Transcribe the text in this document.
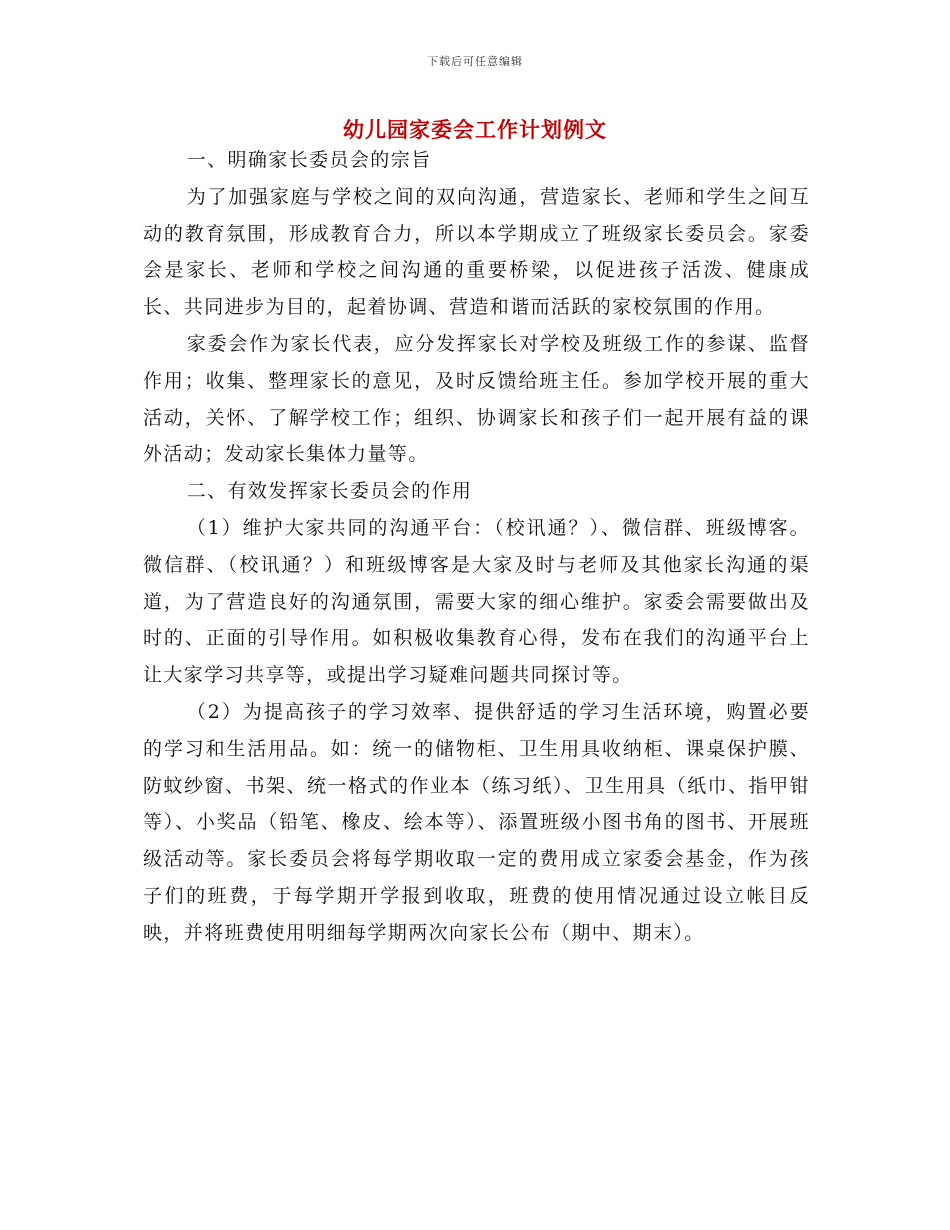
下载后可任意编辑
幼儿园家委会工作计划例文

一、明确家长委员会的宗旨

为了加强家庭与学校之间的双向沟通，营造家长、老师和学生之间互动的教育氛围，形成教育合力，所以本学期成立了班级家长委员会。家委会是家长、老师和学校之间沟通的重要桥梁，以促进孩子活泼、健康成长、共同进步为目的，起着协调、营造和谐而活跃的家校氛围的作用。

家委会作为家长代表，应分发挥家长对学校及班级工作的参谋、监督作用；收集、整理家长的意见，及时反馈给班主任。参加学校开展的重大活动，关怀、了解学校工作；组织、协调家长和孩子们一起开展有益的课外活动；发动家长集体力量等。

二、有效发挥家长委员会的作用

（1）维护大家共同的沟通平台：（校讯通？）、微信群、班级博客。微信群、（校讯通？）和班级博客是大家及时与老师及其他家长沟通的渠道，为了营造良好的沟通氛围，需要大家的细心维护。家委会需要做出及时的、正面的引导作用。如积极收集教育心得，发布在我们的沟通平台上让大家学习共享等，或提出学习疑难问题共同探讨等。

（2）为提高孩子的学习效率、提供舒适的学习生活环境，购置必要的学习和生活用品。如：统一的储物柜、卫生用具收纳柜、课桌保护膜、防蚊纱窗、书架、统一格式的作业本（练习纸）、卫生用具（纸巾、指甲钳等）、小奖品（铅笔、橡皮、绘本等）、添置班级小图书角的图书、开展班级活动等。家长委员会将每学期收取一定的费用成立家委会基金，作为孩子们的班费，于每学期开学报到收取，班费的使用情况通过设立帐目反映，并将班费使用明细每学期两次向家长公布（期中、期末）。
